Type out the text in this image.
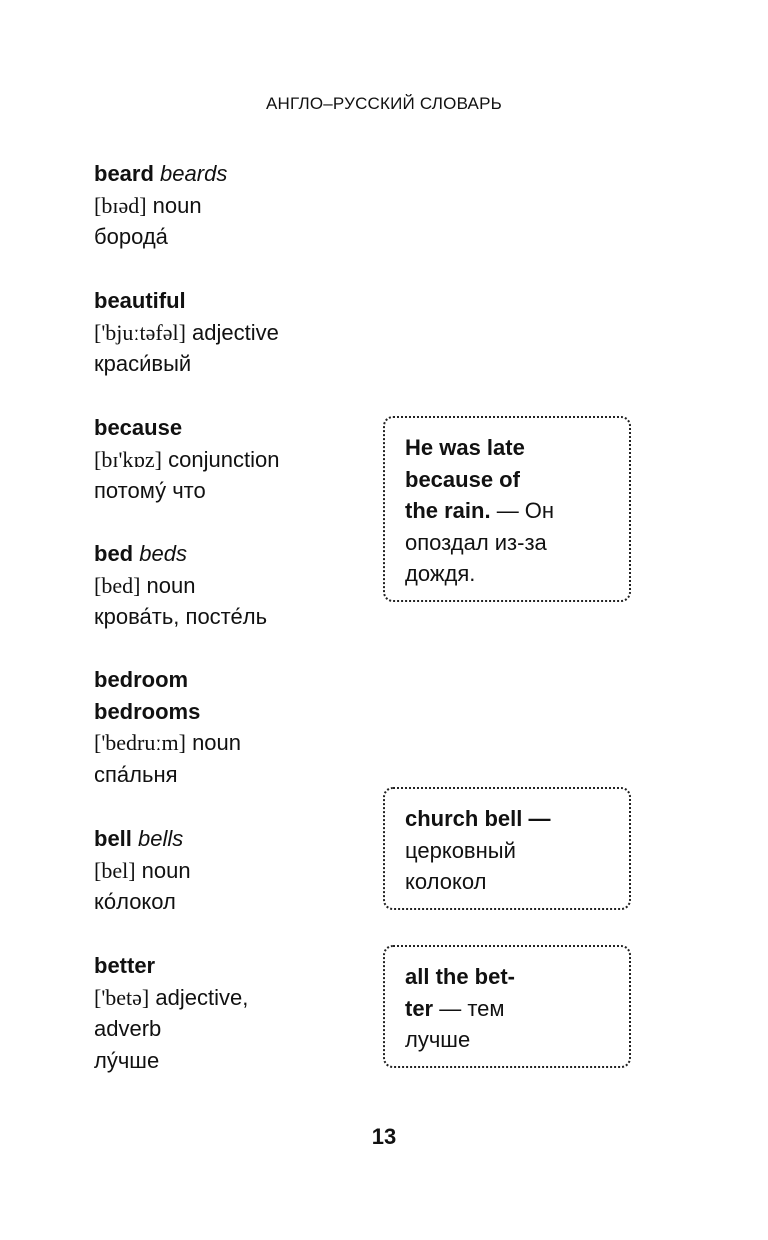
АНГЛО–РУССКИЙ СЛОВАРЬ
beard beards
[bɪəd] noun
борода́
beautiful
['bjuːtəfəl] adjective
краси́вый
because
[bɪ'kɒz] conjunction
потому́ что
bed beds
[bed] noun
крова́ть, посте́ль
bedroom
bedrooms
['bedruːm] noun
спа́льня
bell bells
[bel] noun
ко́локол
better
['betə] adjective,
adverb
лу́чше
He was late
because of
the rain. — Он
опоздал из-за
дождя.
church bell —
церковный
колокол
all the bet-
ter — тем
лучше
13
